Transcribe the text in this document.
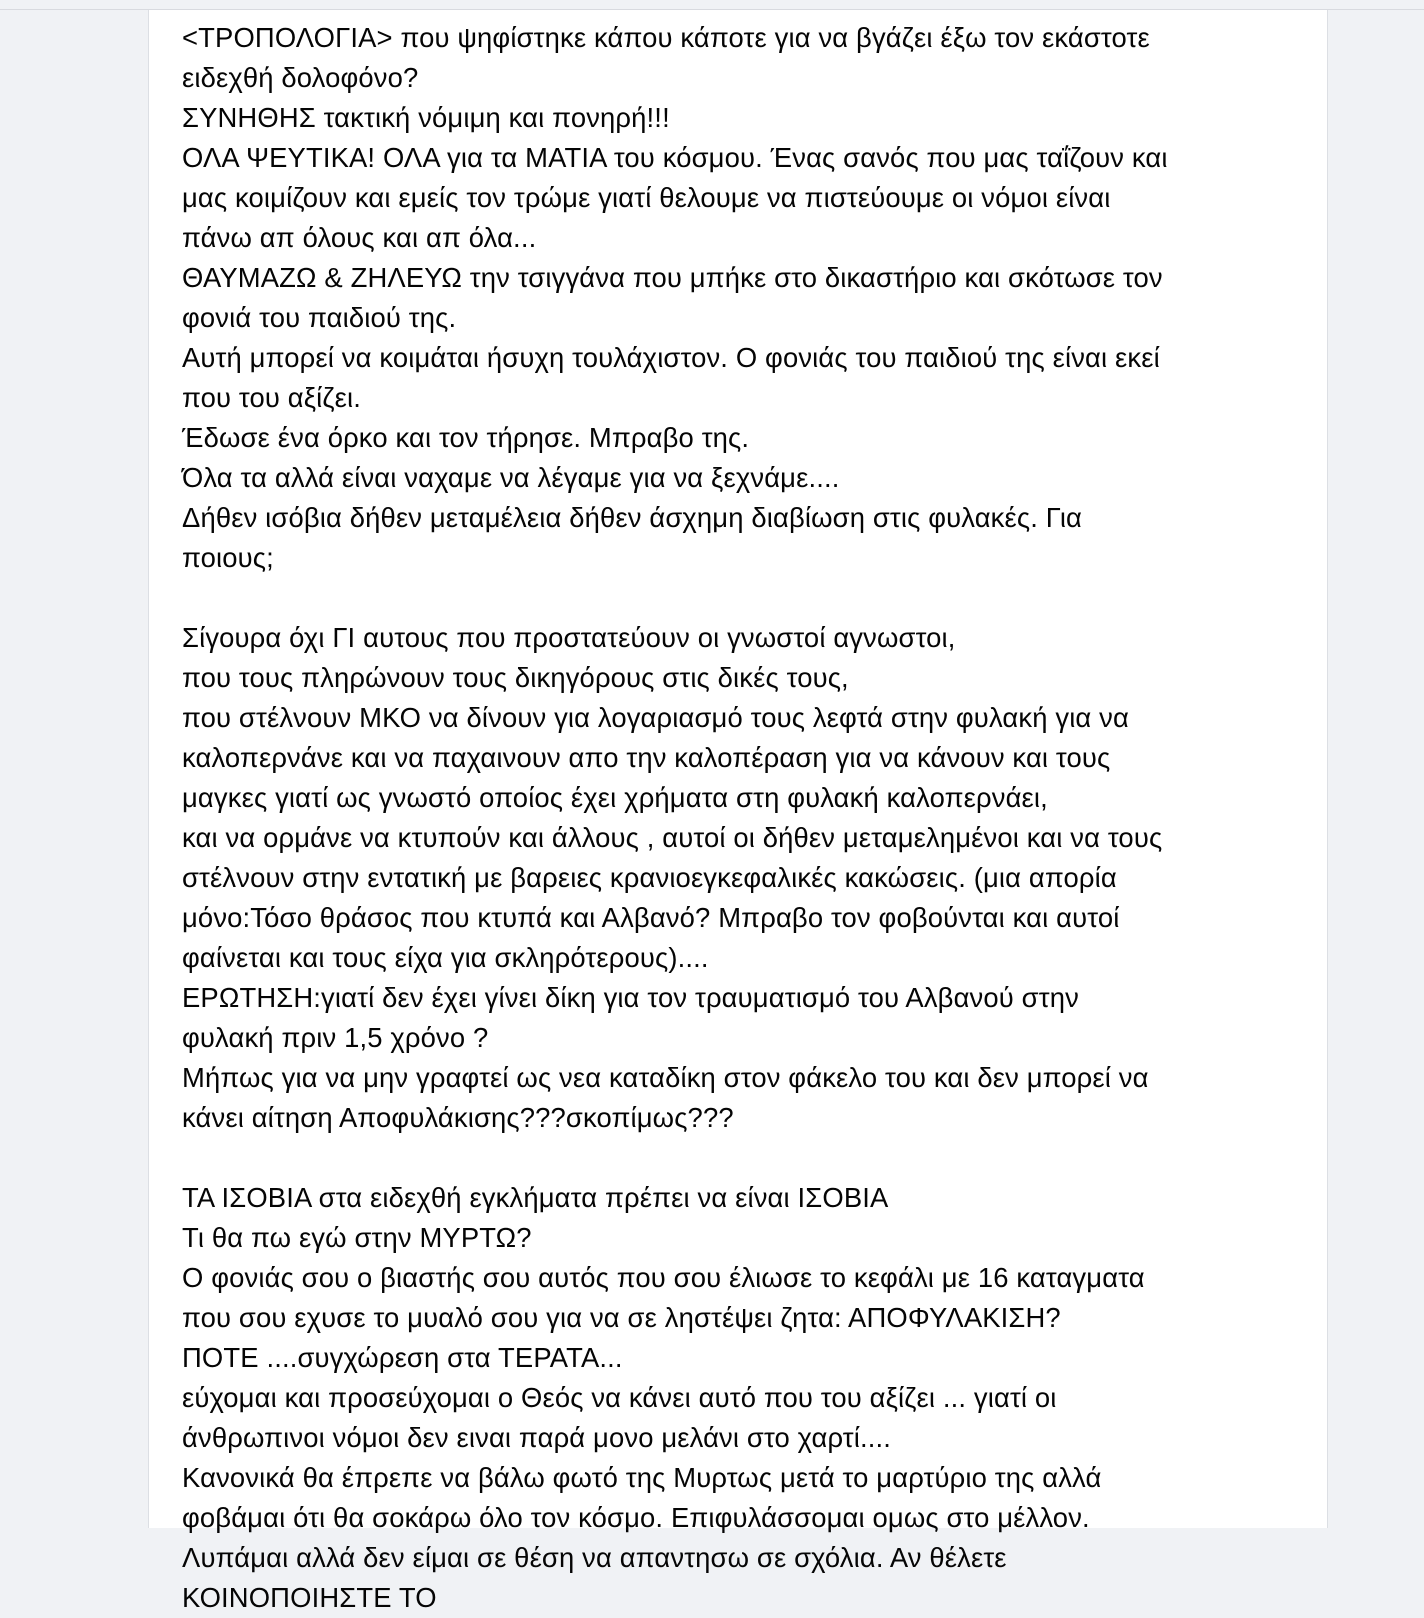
<ΤΡΟΠΟΛΟΓΙΑ> που ψηφίστηκε κάπου κάποτε για να βγάζει έξω τον εκάστοτε
ειδεχθή δολοφόνο?
ΣΥΝΗΘΗΣ τακτική νόμιμη και πονηρή!!!
ΟΛΑ ΨΕΥΤΙΚΑ! ΟΛΑ για τα ΜΑΤΙΑ του κόσμου. Ένας σανός που μας ταΐζουν και
μας κοιμίζουν και εμείς τον τρώμε γιατί θελουμε να πιστεύουμε οι νόμοι είναι
πάνω απ όλους και απ όλα...
ΘΑΥΜΑΖΩ & ΖΗΛΕΥΩ την τσιγγάνα που μπήκε στο δικαστήριο και σκότωσε τον
φονιά του παιδιού της.
Αυτή μπορεί να κοιμάται ήσυχη τουλάχιστον. Ο φονιάς του παιδιού της είναι εκεί
που του αξίζει.
Έδωσε ένα όρκο και τον τήρησε. Μπραβο της.
Όλα τα αλλά είναι ναχαμε να λέγαμε για να ξεχνάμε....
Δήθεν ισόβια δήθεν μεταμέλεια δήθεν άσχημη διαβίωση στις φυλακές. Για
ποιους;
Σίγουρα όχι ΓΙ αυτους που προστατεύουν οι γνωστοί αγνωστοι,
που τους πληρώνουν τους δικηγόρους στις δικές τους,
που στέλνουν ΜΚΟ να δίνουν για λογαριασμό τους λεφτά στην φυλακή για να
καλοπερνάνε και να παχαινουν απο την καλοπέραση για να κάνουν και τους
μαγκες γιατί ως γνωστό οποίος έχει χρήματα στη φυλακή καλοπερνάει,
και να ορμάνε να κτυπούν και άλλους , αυτοί οι δήθεν μεταμελημένοι και να τους
στέλνουν στην εντατική με βαρειες κρανιοεγκεφαλικές κακώσεις. (μια απορία
μόνο:Τόσο θράσος που κτυπά και Αλβανό? Μπραβο τον φοβούνται και αυτοί
φαίνεται και τους είχα για σκληρότερους)....
ΕΡΩΤΗΣΗ:γιατί δεν έχει γίνει δίκη για τον τραυματισμό του Αλβανού στην
φυλακή πριν 1,5 χρόνο ?
Μήπως για να μην γραφτεί ως νεα καταδίκη στον φάκελο του και δεν μπορεί να
κάνει αίτηση Αποφυλάκισης???σκοπίμως???
ΤΑ ΙΣΟΒΙΑ στα ειδεχθή εγκλήματα πρέπει να είναι ΙΣΟΒΙΑ
Τι θα πω εγώ στην ΜΥΡΤΩ?
Ο φονιάς σου ο βιαστής σου αυτός που σου έλιωσε το κεφάλι με 16 καταγματα
που σου εχυσε το μυαλό σου για να σε ληστέψει ζητα: ΑΠΟΦΥΛΑΚΙΣΗ?
ΠΟΤΕ ....συγχώρεση στα ΤΕΡΑΤΑ...
εύχομαι και προσεύχομαι ο Θεός να κάνει αυτό που του αξίζει ... γιατί οι
άνθρωπινοι νόμοι δεν ειναι παρά μονο μελάνι στο χαρτί....
Κανονικά θα έπρεπε να βάλω φωτό της Μυρτως μετά το μαρτύριο της αλλά
φοβάμαι ότι θα σοκάρω όλο τον κόσμο. Επιφυλάσσομαι ομως στο μέλλον.
Λυπάμαι αλλά δεν είμαι σε θέση να απαντησω σε σχόλια. Αν θέλετε
ΚΟΙΝΟΠΟΙΗΣΤΕ ΤΟ
